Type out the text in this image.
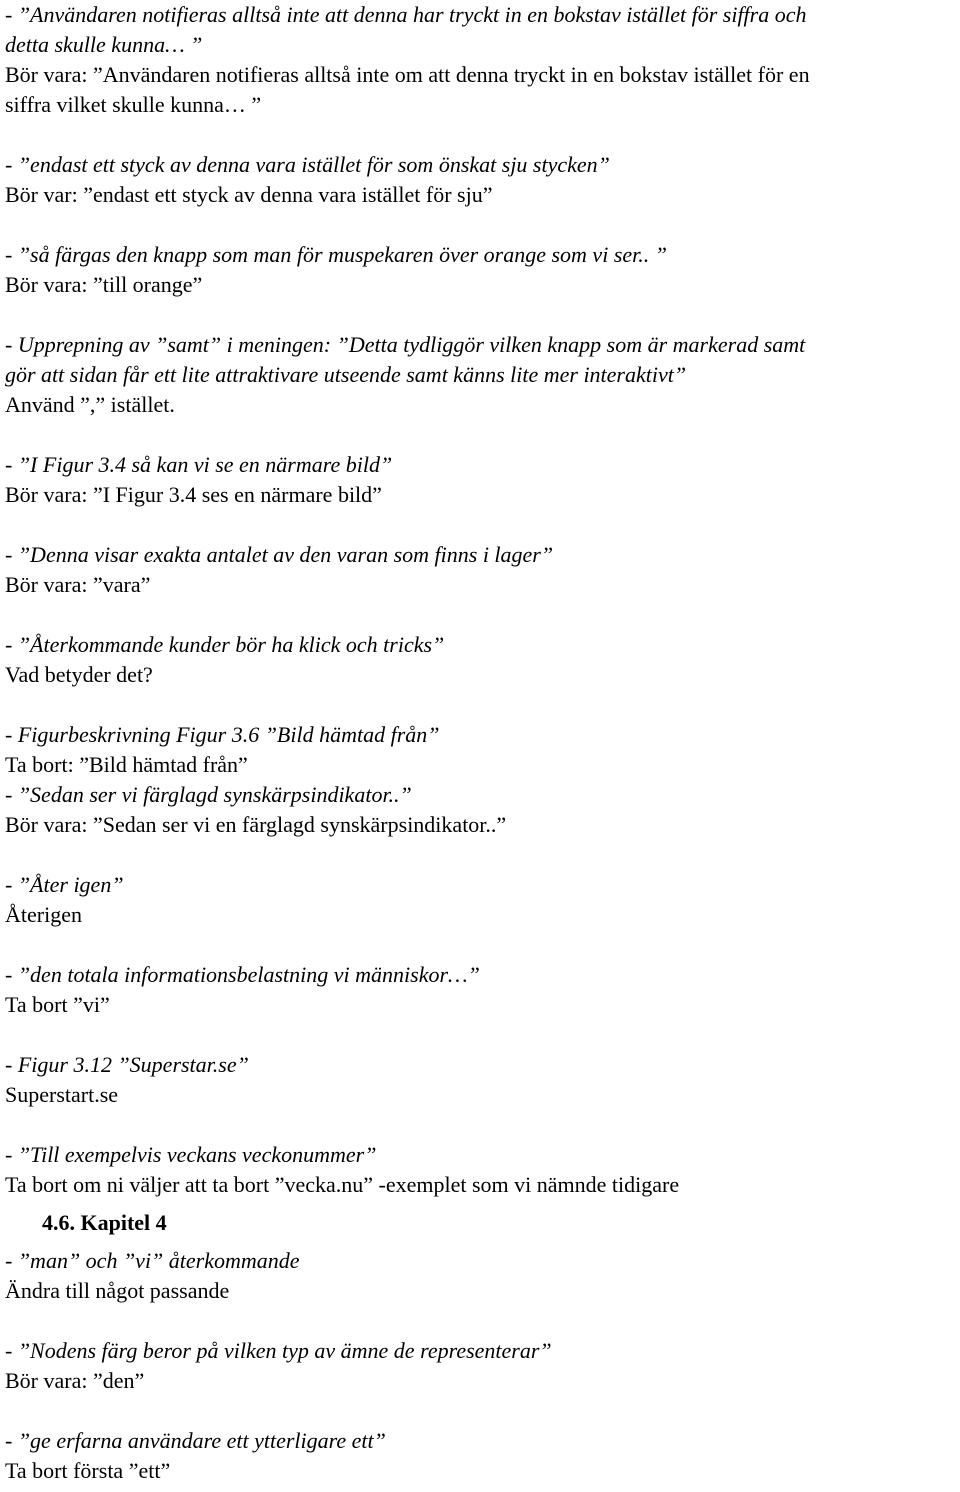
- ”Användaren notifieras alltså inte att denna har tryckt in en bokstav istället för siffra och
detta skulle kunna… ”
Bör vara: ”Användaren notifieras alltså inte om att denna tryckt in en bokstav istället för en
siffra vilket skulle kunna… ”
- ”endast ett styck av denna vara istället för som önskat sju stycken”
Bör var: ”endast ett styck av denna vara istället för sju”
- ”så färgas den knapp som man för muspekaren över orange som vi ser.. ”
Bör vara: ”till orange”
- Upprepning av ”samt” i meningen: ”Detta tydliggör vilken knapp som är markerad samt
gör att sidan får ett lite attraktivare utseende samt känns lite mer interaktivt”
Använd ”,” istället.
- ”I Figur 3.4 så kan vi se en närmare bild”
Bör vara: ”I Figur 3.4 ses en närmare bild”
- ”Denna visar exakta antalet av den varan som finns i lager”
Bör vara: ”vara”
- ”Återkommande kunder bör ha klick och tricks”
Vad betyder det?
- Figurbeskrivning Figur 3.6 ”Bild hämtad från”
Ta bort: ”Bild hämtad från”
- ”Sedan ser vi färglagd synskärpsindikator..”
Bör vara: ”Sedan ser vi en färglagd synskärpsindikator..”
- ”Åter igen”
Återigen
- ”den totala informationsbelastning vi människor…”
Ta bort ”vi”
- Figur 3.12 ”Superstar.se”
Superstart.se
- ”Till exempelvis veckans veckonummer”
Ta bort om ni väljer att ta bort ”vecka.nu” -exemplet som vi nämnde tidigare
4.6. Kapitel 4
- ”man” och ”vi” återkommande
Ändra till något passande
- ”Nodens färg beror på vilken typ av ämne de representerar”
Bör vara: ”den”
- ”ge erfarna användare ett ytterligare ett”
Ta bort första ”ett”
